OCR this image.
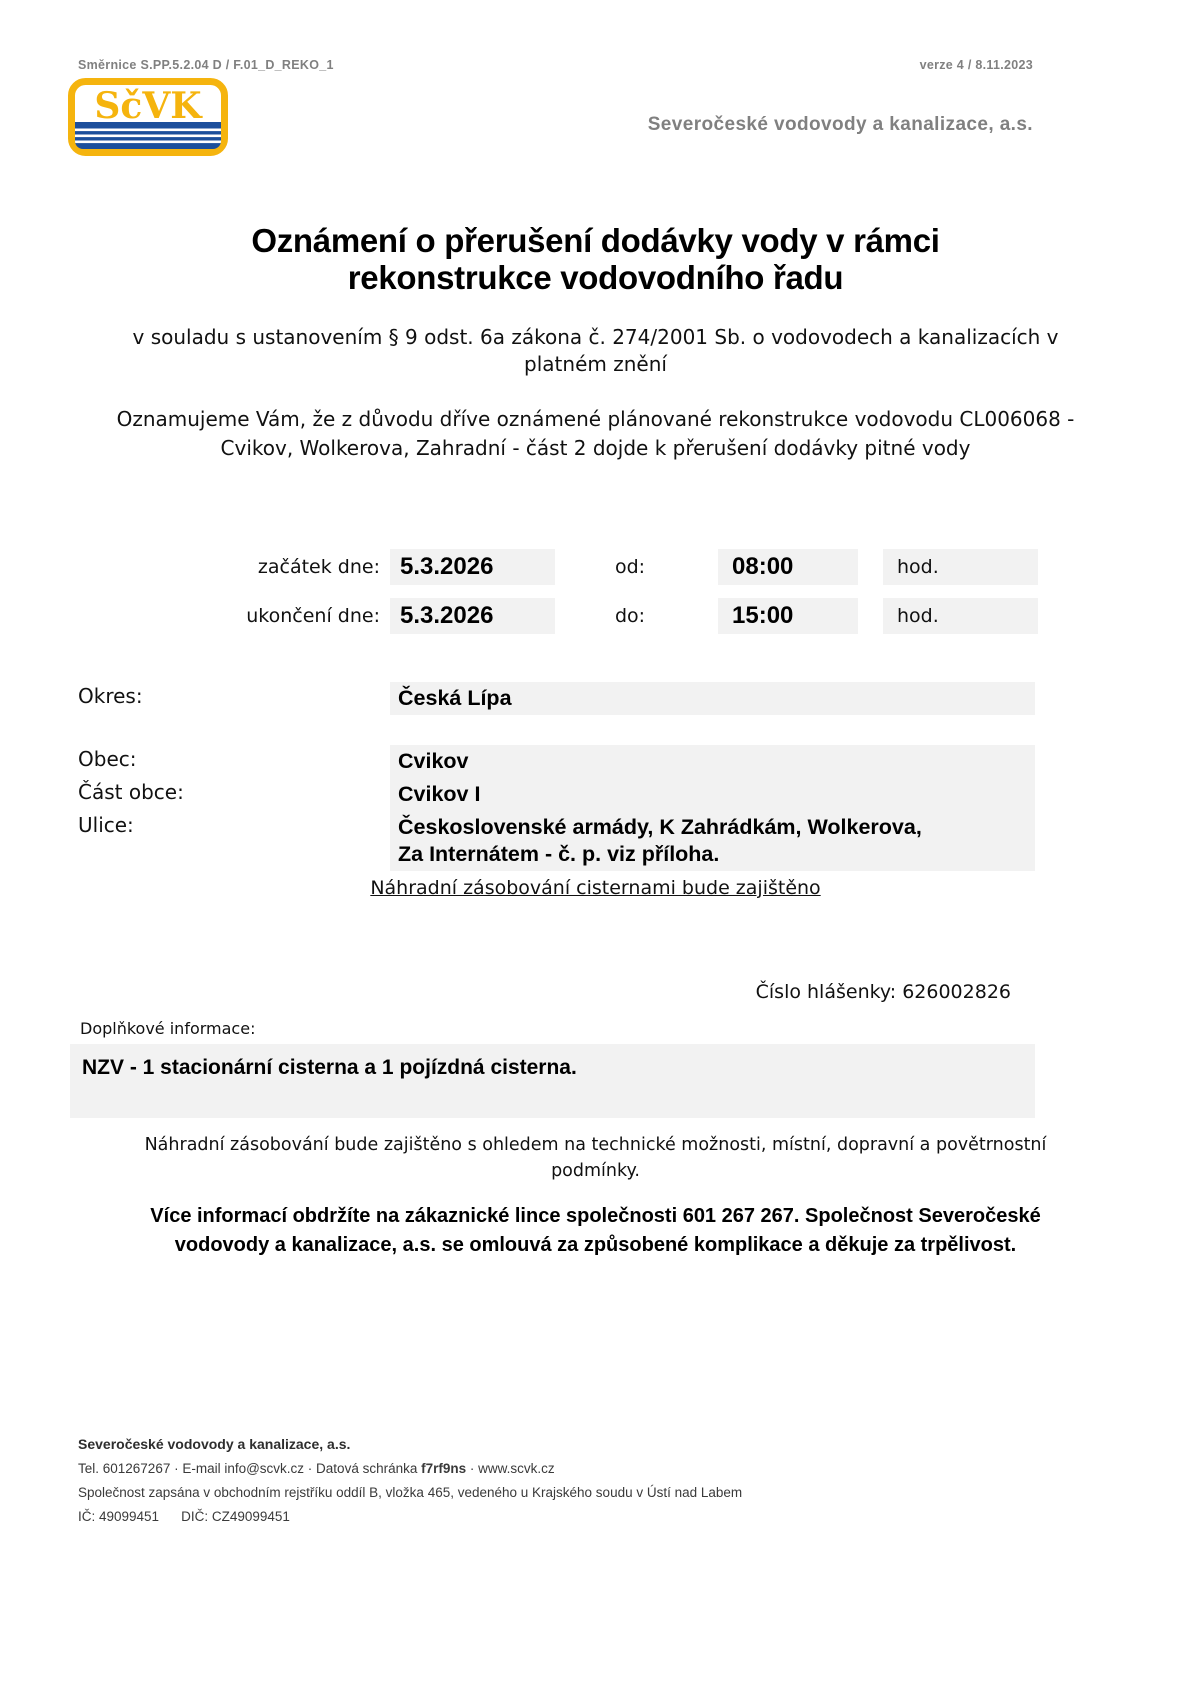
Směrnice S.PP.5.2.04 D / F.01_D_REKO_1	verze 4 / 8.11.2023
SčVK	Severočeské vodovody a kanalizace, a.s.
Oznámení o přerušení dodávky vody v rámci
rekonstrukce vodovodního řadu

v souladu s ustanovením § 9 odst. 6a zákona č. 274/2001 Sb. o vodovodech a kanalizacích v platném znění

Oznamujeme Vám, že z důvodu dříve oznámené plánované rekonstrukce vodovodu CL006068 - Cvikov, Wolkerova, Zahradní - část 2 dojde k přerušení dodávky pitné vody

začátek dne: 5.3.2026	od:	08:00	hod.
ukončení dne: 5.3.2026	do:	15:00	hod.
Okres:	Česká Lípa
Obec:	Cvikov
Část obce:	Cvikov I
Ulice:	Československé armády, K Zahrádkám, Wolkerova,
Za Internátem - č. p. viz příloha.
Náhradní zásobování cisternami bude zajištěno
Číslo hlášenky: 626002826
Doplňkové informace:
NZV - 1 stacionární cisterna a 1 pojízdná cisterna.

Náhradní zásobování bude zajištěno s ohledem na technické možnosti, místní, dopravní a povětrnostní podmínky.

Více informací obdržíte na zákaznické lince společnosti 601 267 267. Společnost Severočeské vodovody a kanalizace, a.s. se omlouvá za způsobené komplikace a děkuje za trpělivost.

Severočeské vodovody a kanalizace, a.s.
Tel. 601267267 · E-mail info@scvk.cz · Datová schránka f7rf9ns · www.scvk.cz
Společnost zapsána v obchodním rejstříku oddíl B, vložka 465, vedeného u Krajského soudu v Ústí nad Labem
IČ: 49099451 DIČ: CZ49099451
